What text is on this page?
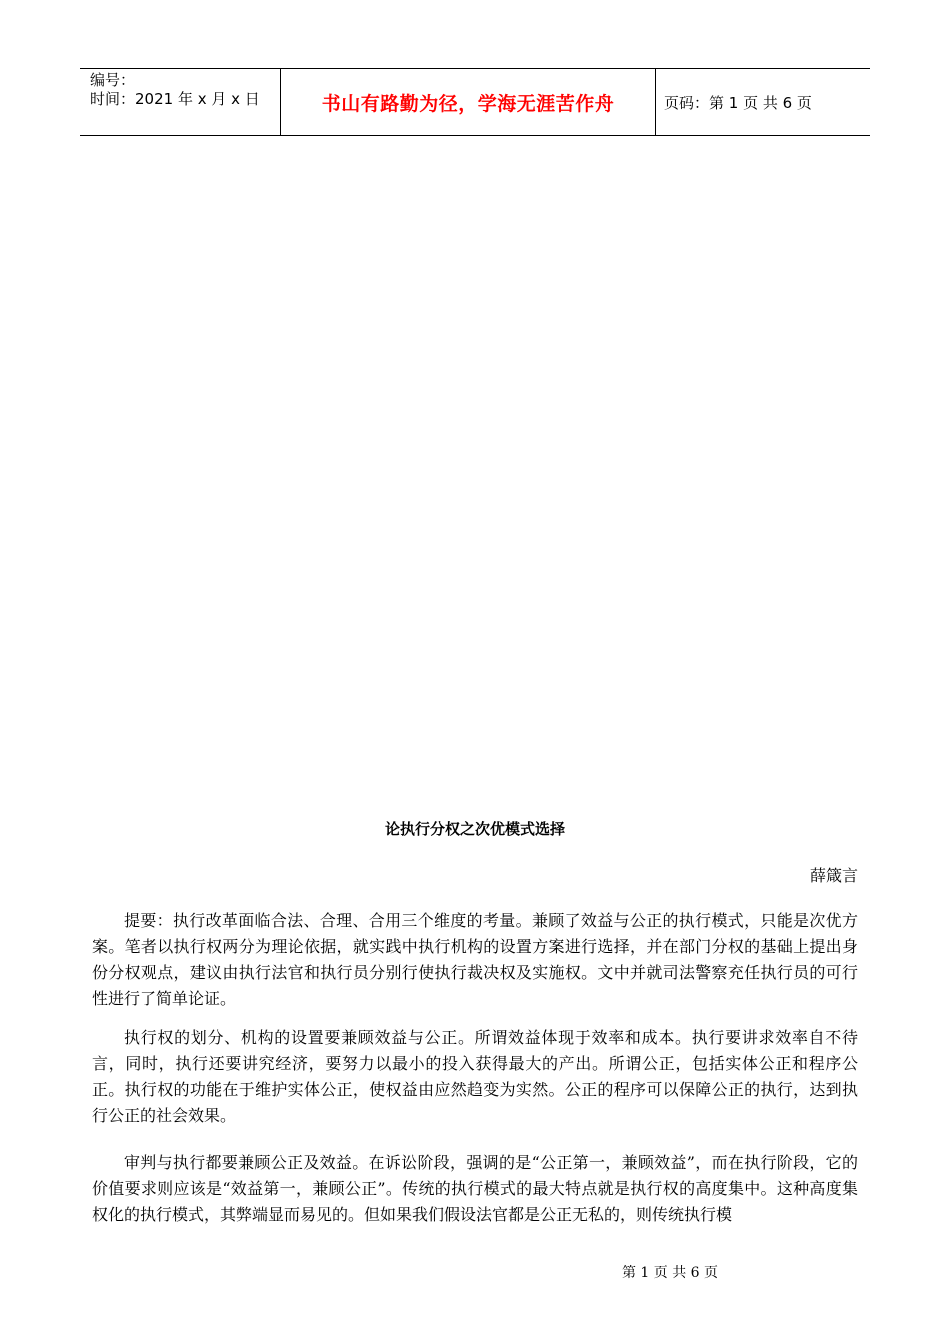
编号：
时间：2021 年 x 月 x 日	书山有路勤为径，学海无涯苦作舟	页码：第 1 页 共 6 页
论执行分权之次优模式选择
薛箴言

提要：执行改革面临合法、合理、合用三个维度的考量。兼顾了效益与公正的执行模式，只能是次优方案。笔者以执行权两分为理论依据，就实践中执行机构的设置方案进行选择，并在部门分权的基础上提出身份分权观点，建议由执行法官和执行员分别行使执行裁决权及实施权。文中并就司法警察充任执行员的可行性进行了简单论证。

执行权的划分、机构的设置要兼顾效益与公正。所谓效益体现于效率和成本。执行要讲求效率自不待言，同时，执行还要讲究经济，要努力以最小的投入获得最大的产出。所谓公正，包括实体公正和程序公正。执行权的功能在于维护实体公正，使权益由应然趋变为实然。公正的程序可以保障公正的执行，达到执行公正的社会效果。

审判与执行都要兼顾公正及效益。在诉讼阶段，强调的是“公正第一，兼顾效益”，而在执行阶段，它的价值要求则应该是“效益第一，兼顾公正”。传统的执行模式的最大特点就是执行权的高度集中。这种高度集权化的执行模式，其弊端显而易见的。但如果我们假设法官都是公正无私的，则传统执行模

第 1 页 共 6 页
